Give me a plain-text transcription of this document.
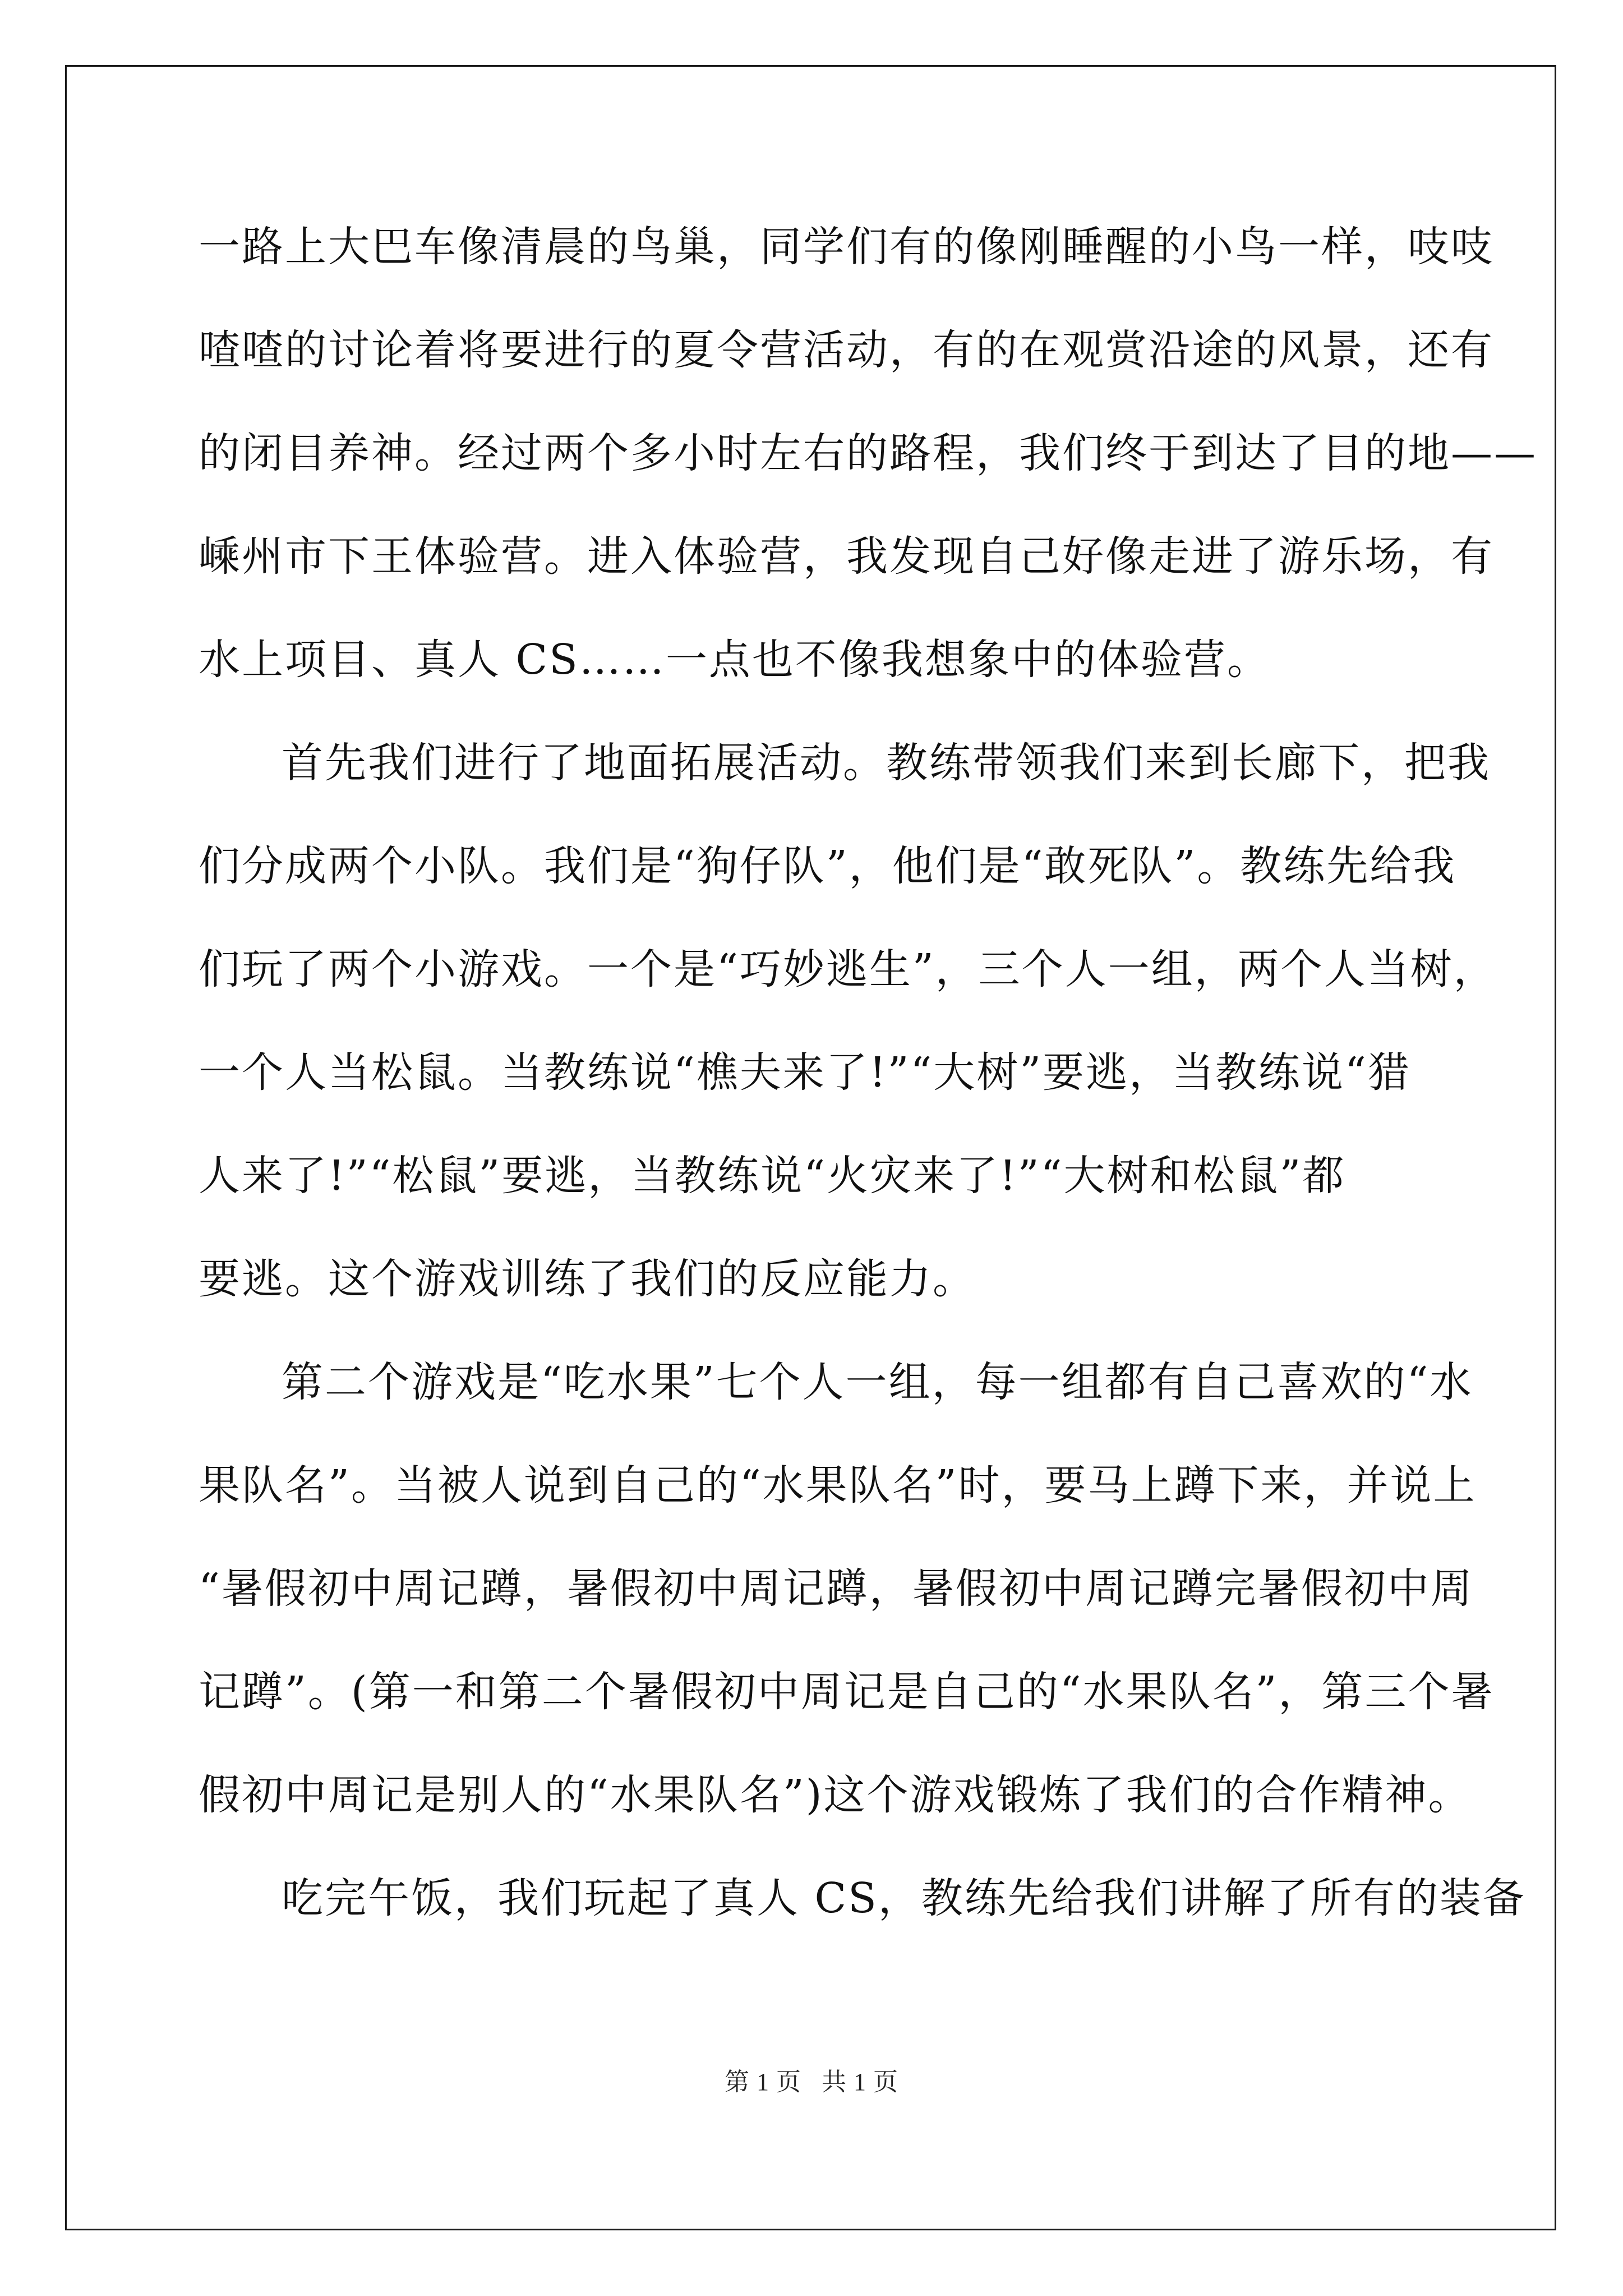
一路上大巴车像清晨的鸟巢，同学们有的像刚睡醒的小鸟一样，吱吱
喳喳的讨论着将要进行的夏令营活动，有的在观赏沿途的风景，还有
的闭目养神。经过两个多小时左右的路程，我们终于到达了目的地——
嵊州市下王体验营。进入体验营，我发现自己好像走进了游乐场，有
水上项目、真人 CS……一点也不像我想象中的体验营。
首先我们进行了地面拓展活动。教练带领我们来到长廊下，把我
们分成两个小队。我们是“狗仔队”，他们是“敢死队”。教练先给我
们玩了两个小游戏。一个是“巧妙逃生”，三个人一组，两个人当树，
一个人当松鼠。当教练说“樵夫来了!”“大树”要逃，当教练说“猎
人来了!”“松鼠”要逃，当教练说“火灾来了!”“大树和松鼠”都
要逃。这个游戏训练了我们的反应能力。
第二个游戏是“吃水果”七个人一组，每一组都有自己喜欢的“水
果队名”。当被人说到自己的“水果队名”时，要马上蹲下来，并说上
“暑假初中周记蹲，暑假初中周记蹲，暑假初中周记蹲完暑假初中周
记蹲”。(第一和第二个暑假初中周记是自己的“水果队名”，第三个暑
假初中周记是别人的“水果队名”)这个游戏锻炼了我们的合作精神。
吃完午饭，我们玩起了真人 CS，教练先给我们讲解了所有的装备
第 1 页   共 1 页
